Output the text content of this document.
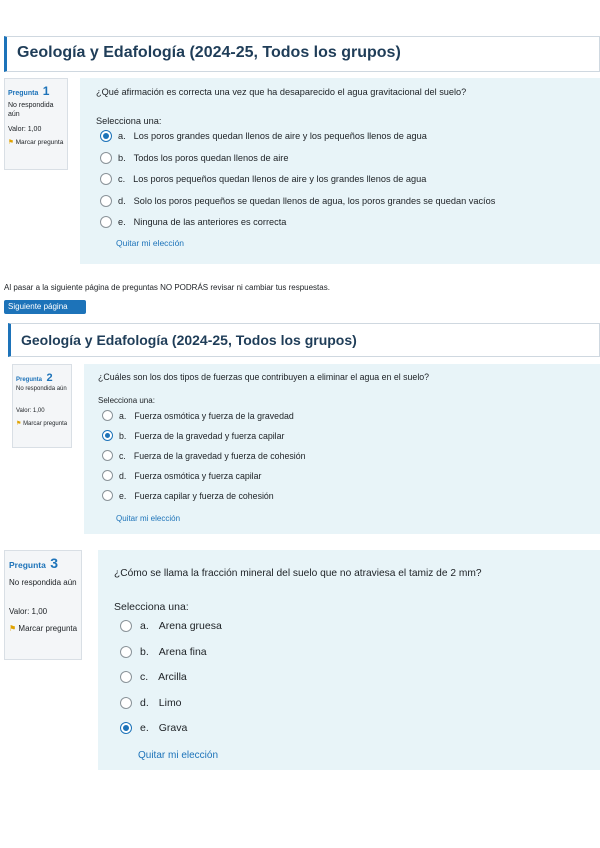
Geología y Edafología (2024-25, Todos los grupos)
Pregunta 1
No respondida aún
Valor: 1,00
⚑ Marcar pregunta
¿Qué afirmación es correcta una vez que ha desaparecido el agua gravitacional del suelo?
Selecciona una:
a. Los poros grandes quedan llenos de aire y los pequeños llenos de agua
b. Todos los poros quedan llenos de aire
c. Los poros pequeños quedan llenos de aire y los grandes llenos de agua
d. Solo los poros pequeños se quedan llenos de agua, los poros grandes se quedan vacíos
e. Ninguna de las anteriores es correcta
Quitar mi elección
Al pasar a la siguiente página de preguntas NO PODRÁS revisar ni cambiar tus respuestas.
Siguiente página
Geología y Edafología (2024-25, Todos los grupos)
Pregunta 2
No respondida aún
Valor: 1,00
⚑ Marcar pregunta
¿Cuáles son los dos tipos de fuerzas que contribuyen a eliminar el agua en el suelo?
Selecciona una:
a. Fuerza osmótica y fuerza de la gravedad
b. Fuerza de la gravedad y fuerza capilar
c. Fuerza de la gravedad y fuerza de cohesión
d. Fuerza osmótica y fuerza capilar
e. Fuerza capilar y fuerza de cohesión
Quitar mi elección
Pregunta 3
No respondida aún
Valor: 1,00
⚑ Marcar pregunta
¿Cómo se llama la fracción mineral del suelo que no atraviesa el tamiz de 2 mm?
Selecciona una:
a. Arena gruesa
b. Arena fina
c. Arcilla
d. Limo
e. Grava
Quitar mi elección
